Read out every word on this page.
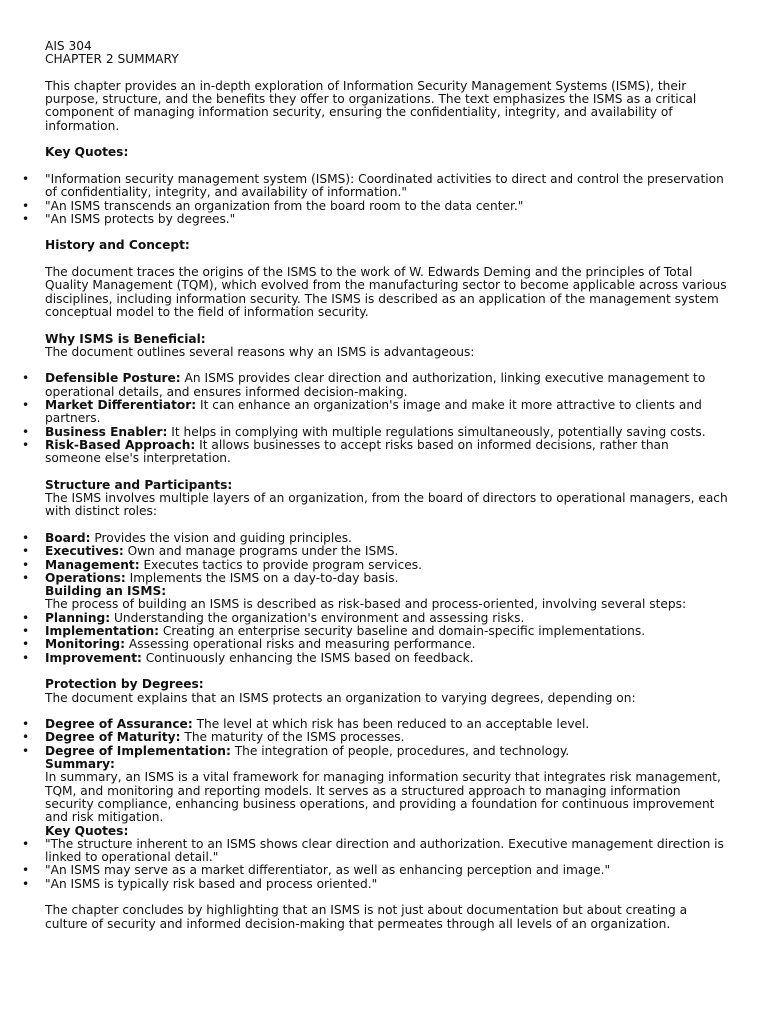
AIS 304
CHAPTER 2 SUMMARY
This chapter provides an in-depth exploration of Information Security Management Systems (ISMS), their purpose, structure, and the benefits they offer to organizations. The text emphasizes the ISMS as a critical component of managing information security, ensuring the confidentiality, integrity, and availability of information.
Key Quotes:
• "Information security management system (ISMS): Coordinated activities to direct and control the preservation of confidentiality, integrity, and availability of information."
• "An ISMS transcends an organization from the board room to the data center."
• "An ISMS protects by degrees."
History and Concept:
The document traces the origins of the ISMS to the work of W. Edwards Deming and the principles of Total Quality Management (TQM), which evolved from the manufacturing sector to become applicable across various disciplines, including information security. The ISMS is described as an application of the management system conceptual model to the field of information security.
Why ISMS is Beneficial:
The document outlines several reasons why an ISMS is advantageous:
• Defensible Posture: An ISMS provides clear direction and authorization, linking executive management to operational details, and ensures informed decision-making.
• Market Differentiator: It can enhance an organization's image and make it more attractive to clients and partners.
• Business Enabler: It helps in complying with multiple regulations simultaneously, potentially saving costs.
• Risk-Based Approach: It allows businesses to accept risks based on informed decisions, rather than someone else's interpretation.
Structure and Participants:
The ISMS involves multiple layers of an organization, from the board of directors to operational managers, each with distinct roles:
• Board: Provides the vision and guiding principles.
• Executives: Own and manage programs under the ISMS.
• Management: Executes tactics to provide program services.
• Operations: Implements the ISMS on a day-to-day basis.
Building an ISMS:
The process of building an ISMS is described as risk-based and process-oriented, involving several steps:
• Planning: Understanding the organization's environment and assessing risks.
• Implementation: Creating an enterprise security baseline and domain-specific implementations.
• Monitoring: Assessing operational risks and measuring performance.
• Improvement: Continuously enhancing the ISMS based on feedback.
Protection by Degrees:
The document explains that an ISMS protects an organization to varying degrees, depending on:
• Degree of Assurance: The level at which risk has been reduced to an acceptable level.
• Degree of Maturity: The maturity of the ISMS processes.
• Degree of Implementation: The integration of people, procedures, and technology.
Summary:
In summary, an ISMS is a vital framework for managing information security that integrates risk management, TQM, and monitoring and reporting models. It serves as a structured approach to managing information security compliance, enhancing business operations, and providing a foundation for continuous improvement and risk mitigation.
Key Quotes:
• "The structure inherent to an ISMS shows clear direction and authorization. Executive management direction is linked to operational detail."
• "An ISMS may serve as a market differentiator, as well as enhancing perception and image."
• "An ISMS is typically risk based and process oriented."
The chapter concludes by highlighting that an ISMS is not just about documentation but about creating a culture of security and informed decision-making that permeates through all levels of an organization.
